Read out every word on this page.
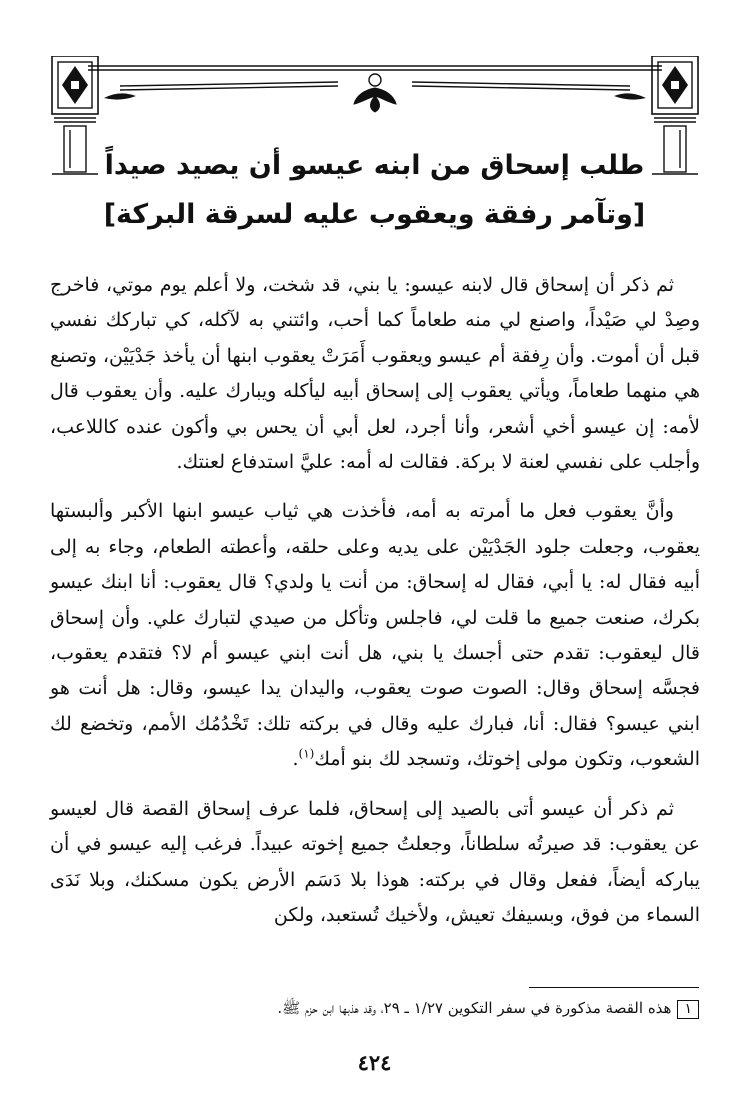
طلب إسحاق من ابنه عيسو أن يصيد صيداً
[وتآمر رفقة ويعقوب عليه لسرقة البركة]

ثم ذكر أن إسحاق قال لابنه عيسو: يا بني، قد شخت، ولا أعلم يوم موتي، فاخرج وصِدْ لي صَيْداً، واصنع لي منه طعاماً كما أحب، وائتني به لآكله، كي تباركك نفسي قبل أن أموت. وأن رِفقة أم عيسو ويعقوب أَمَرَتْ يعقوب ابنها أن يأخذ جَدْيَيْن، وتصنع هي منهما طعاماً، ويأتي يعقوب إلى إسحاق أبيه ليأكله ويبارك عليه. وأن يعقوب قال لأمه: إن عيسو أخي أشعر، وأنا أجرد، لعل أبي أن يحس بي وأكون عنده كاللاعب، وأجلب على نفسي لعنة لا بركة. فقالت له أمه: عليَّ استدفاع لعنتك.

وأنَّ يعقوب فعل ما أمرته به أمه، فأخذت هي ثياب عيسو ابنها الأكبر وألبستها يعقوب، وجعلت جلود الجَدْيَيْن على يديه وعلى حلقه، وأعطته الطعام، وجاء به إلى أبيه فقال له: يا أبي، فقال له إسحاق: من أنت يا ولدي؟ قال يعقوب: أنا ابنك عيسو بكرك، صنعت جميع ما قلت لي، فاجلس وتأكل من صيدي لتبارك علي. وأن إسحاق قال ليعقوب: تقدم حتى أجسك يا بني، هل أنت ابني عيسو أم لا؟ فتقدم يعقوب، فجسَّه إسحاق وقال: الصوت صوت يعقوب، واليدان يدا عيسو، وقال: هل أنت هو ابني عيسو؟ فقال: أنا، فبارك عليه وقال في بركته تلك: تَخْدُمُك الأمم، وتخضع لك الشعوب، وتكون مولى إخوتك، وتسجد لك بنو أمك$^{(١)}$.

ثم ذكر أن عيسو أتى بالصيد إلى إسحاق، فلما عرف إسحاق القصة قال لعيسو عن يعقوب: قد صيرتُه سلطاناً، وجعلتُ جميع إخوته عبيداً. فرغب إليه عيسو في أن يباركه أيضاً، ففعل وقال في بركته: هوذا بلا دَسَم الأرض يكون مسكنك، وبلا نَدَى السماء من فوق، وبسيفك تعيش، ولأخيك تُستعبد، ولكن

١هذه القصة مذكورة في سفر التكوين ١/٢٧ ـ ٢٩، وقد هذبها ابن حزم ﷺ.
٤٢٤
